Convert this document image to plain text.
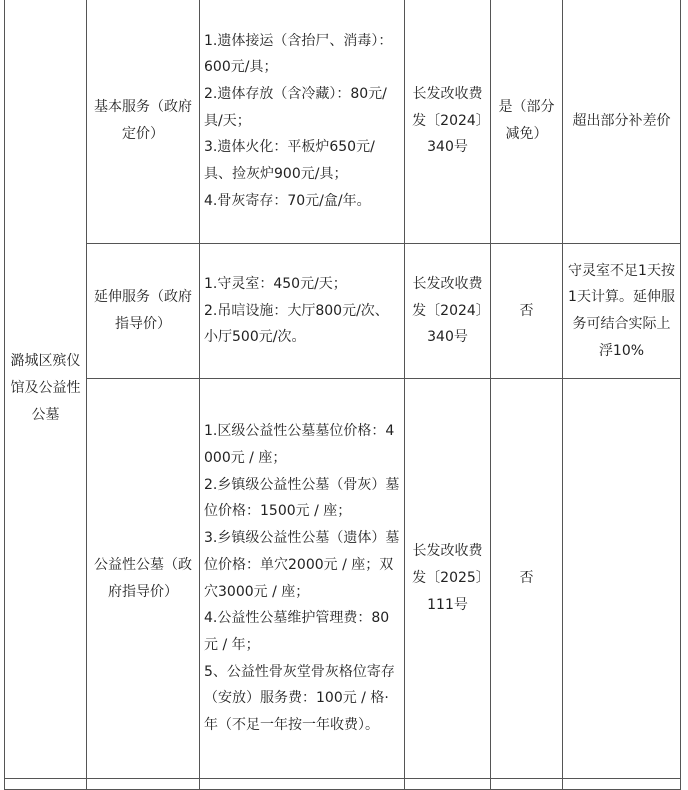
潞城区殡仪馆及公益性公墓	基本服务（政府定价）	1.遗体接运（含抬尸、消毒）：600元/具；
2.遗体存放（含冷藏）：80元/具/天；
3.遗体火化：平板炉650元/具、捡灰炉900元/具；
4.骨灰寄存：70元/盒/年。	长发改收费发〔2024〕340号	是（部分减免）	超出部分补差价
	延伸服务（政府指导价）	1.守灵室：450元/天；
2.吊唁设施：大厅800元/次、小厅500元/次。	长发改收费发〔2024〕340号	否	守灵室不足1天按1天计算。延伸服务可结合实际上浮10%
	公益性公墓（政府指导价）	1.区级公益性公墓墓位价格：4000元 / 座；
2.乡镇级公益性公墓（骨灰）墓位价格：1500元 / 座；
3.乡镇级公益性公墓（遗体）墓位价格：单穴2000元 / 座；双穴3000元 / 座；
4.公益性公墓维护管理费：80元 / 年；
5、公益性骨灰堂骨灰格位寄存（安放）服务费：100元 / 格·年（不足一年按一年收费）。	长发改收费发〔2025〕111号	否	
